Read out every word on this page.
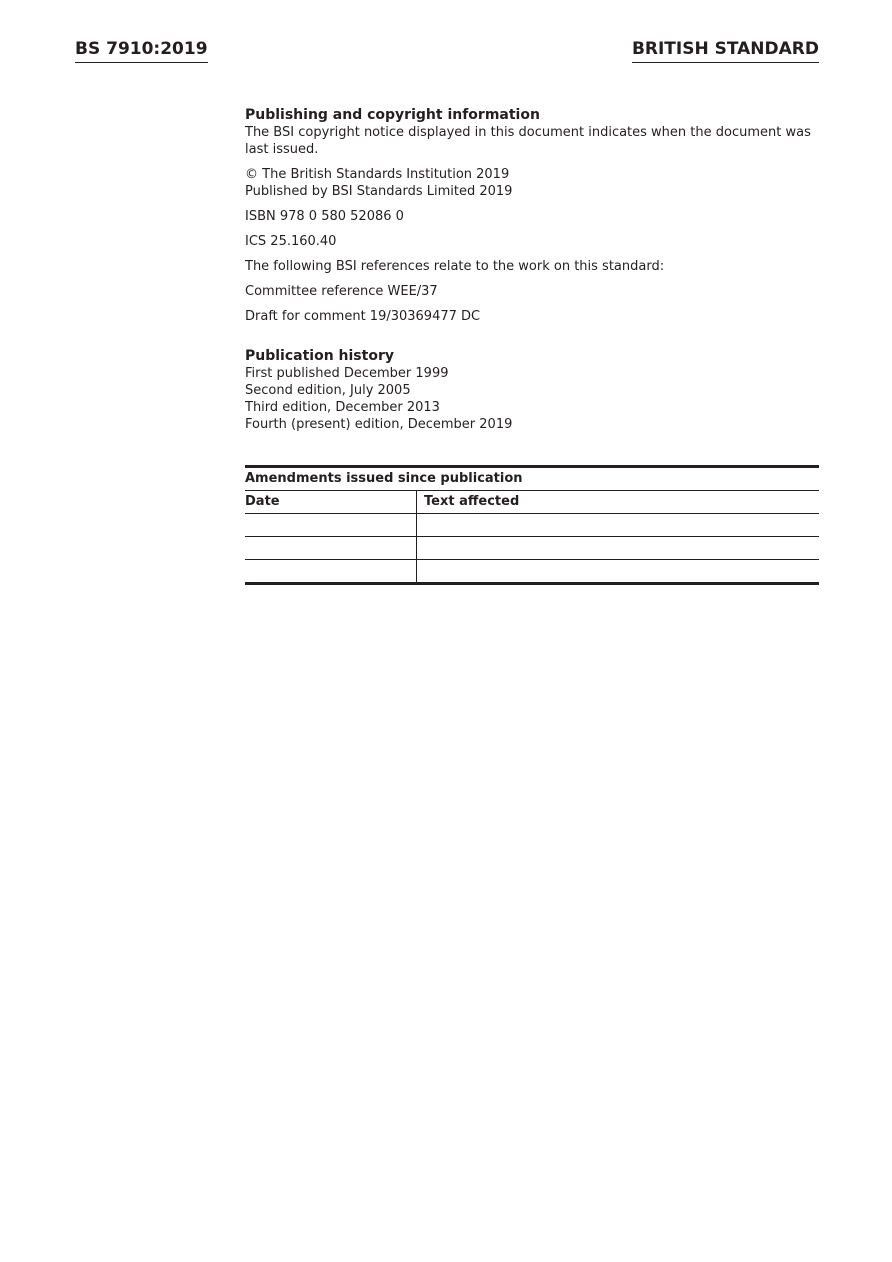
BS 7910:2019	BRITISH STANDARD

Publishing and copyright information

The BSI copyright notice displayed in this document indicates when the document was last issued.

© The British Standards Institution 2019

Published by BSI Standards Limited 2019

ISBN 978 0 580 52086 0

ICS 25.160.40

The following BSI references relate to the work on this standard:

Committee reference WEE/37

Draft for comment 19/30369477 DC

Publication history

First published December 1999

Second edition, July 2005

Third edition, December 2013

Fourth (present) edition, December 2019

Amendments issued since publication
Date	Text affected
